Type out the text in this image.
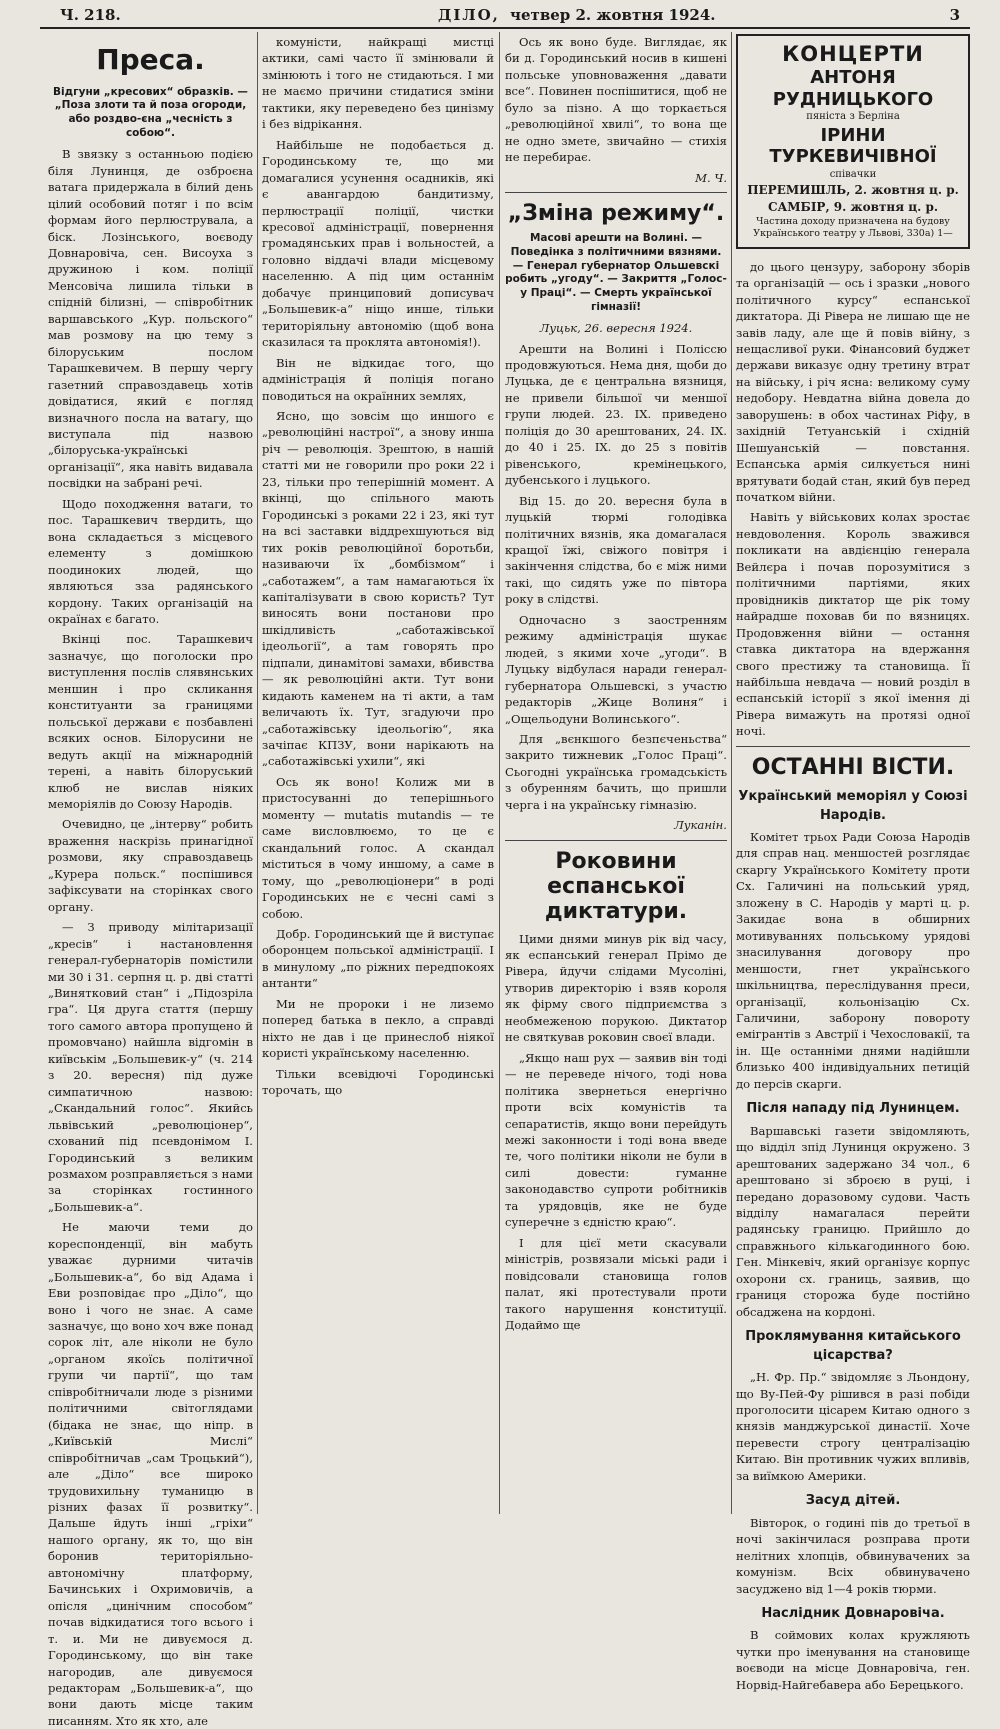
Ч. 218.	ДІЛО, четвер 2. жовтня 1924.	3
Преса.
Відгуни „кресових“ образків. — „Поза злоти та й поза огороди, або роздво-єна „чесність з собою“.

В звязку з останньою подією біля Лунинця, де озброєна ватага придержала в білий день цілий особовий потяг і по всім формам його перлюструвала, а біск. Лозінського, воєводу Довнаровіча, сен. Висоуха з дружиною і ком. поліції Менсовіча лишила тільки в спідній білизні, — співробітник варшавського „Кур. польского“ мав розмову на цю тему з білоруським послом Тарашкевичем. В першу чергу газетний справоздавець хотів довідатися, який є погляд визначного посла на ватагу, що виступала під назвою „білоруська-українські організації“, яка навіть видавала посвідки на забрані речі.

Щодо походження ватаги, то пос. Тарашкевич твердить, що вона складається з місцевого елементу з домішкою поодиноких людей, що являються зза радянського кордону. Таких організацій на окраїнах є багато.

Вкінці пос. Тарашкевич зазначує, що поголоски про виступлення послів слявянських меншин і про скликання конституанти за границями польської держави є позбавлені всяких основ. Білорусини не ведуть акції на міжнародній терені, а навіть білоруський клюб не вислав ніяких меморіялів до Союзу Народів.

Очевидно, це „інтерву“ робить враження наскрізь принагідної розмови, яку справоздавець „Курера польск.“ поспішився зафіксувати на сторінках свого органу.

— З приводу мілітаризації „кресів“ і настановлення генерал-губернаторів помістили ми 30 і 31. серпня ц. р. дві статті „Винятковий стан“ і „Підозріла гра“. Ця друга стаття (першу того самого автора пропущено й промовчано) найшла відгомін в київськім „Большевик-у“ (ч. 214 з 20. вересня) під дуже симпатичною назвою: „Скандальний голос“. Якийсь львівський „революціонер“, схований під псевдонімом І. Городинський з великим розмахом розправляється з нами за сторінках гостинного „Большевик-а“.

Не маючи теми до кореспонденції, він мабуть уважає дурними читачів „Большевик-а“, бо від Адама і Еви розповідає про „Діло“, що воно і чого не знає. А саме зазначує, що воно хоч вже понад сорок літ, але ніколи не було „органом якоїсь політичної групи чи партії“, що там співробітничали люде з різними політичними світоглядами (бідака не знає, що ніпр. в „Київській Мислі“ співробітничав „сам Троцький“), але „Діло“ все широко трудовихильну туманицю в різних фазах її розвитку“. Дальше йдуть інші „гріхи“ нашого органу, як то, що він боронив територіяльно-автономічну платформу, Бачинських і Охримовичів, а опісля „цинічним способом“ почав відкидатися того всього і т. и. Ми не дивуємося д. Городинському, що він таке нагородив, але дивуємося редакторам „Большевик-а“, що вони дають місце таким писанням. Хто як хто, але

комуністи, найкращі мистці актики, самі часто її змінювали й змінюють і того не стидаються. І ми не маємо причини стидатися зміни тактики, яку переведено без цинізму і без відрікання.

Найбільше не подобається д. Городинському те, що ми домагалися усунення осадників, які є авангардою бандитизму, перлюстрації поліції, чистки кресової адміністрації, повернення громадянських прав і вольностей, а головно віддачі влади місцевому населенню. А під цим останнім добачує принциповий дописувач „Большевик-а“ ніщо инше, тільки територіяльну автономію (щоб вона сказилася та проклята автономія!).

Він не відкидає того, що адміністрація й поліція погано поводиться на окраїнних землях,

Ясно, що зовсім що иншого є „революційні настрої“, а знову инша річ — революція. Зрештою, в нашій статті ми не говорили про роки 22 і 23, тільки про теперішній момент. А вкінці, що спільного мають Городинські з роками 22 і 23, які тут на всі заставки віддрехшуються від тих років революційної боротьби, називаючи їх „бомбізмом“ і „саботажем“, а там намагаються їх капіталізувати в свою користь? Тут виносять вони постанови про шкідливість „саботажівської ідеольогії“, а там говорять про підпали, динамітові замахи, вбивства — як революційні акти. Тут вони кидають каменем на ті акти, а там величають їх. Тут, згадуючи про „саботажівську ідеольогію“, яка зачіпає КПЗУ, вони нарікають на „саботажівські ухили“, які

Ось як воно! Колиж ми в пристосуванні до теперішнього моменту — mutatis mutandis — те саме висловлюємо, то це є скандальний голос. А скандал міститься в чому иншому, а саме в тому, що „революціонери“ в роді Городинських не є чесні самі з собою.

Добр. Городинський ще й виступає оборонцем польської адміністрації. І в минулому „по ріжних передпокоях антанти“

Ми не пророки і не лиземо поперед батька в пекло, а справді ніхто не дав і це принеслоб ніякої користі українському населенню.

Тільки всевідючі Городинські торочать, що

Ось як воно буде. Виглядає, як би д. Городинський носив в кишені польське уповноваження „давати все“. Повинен поспішитися, щоб не було за пізно. А що торкається „революційної хвилі“, то вона ще не одно змете, звичайно — стихія не перебирає.

М. Ч.
„Зміна режиму“.
Масові арешти на Волині. — Поведінка з політичними вязнями. — Генерал губернатор Ольшевскі робить „угоду“. — Закриття „Голос-у Праці“. — Смерть української гімназії!
Луцьк, 26. вересня 1924.

Арешти на Волині і Поліссю продовжуються. Нема дня, щоби до Луцька, де є центральна вязниця, не привели більшої чи меншої групи людей. 23. IX. приведено поліція до 30 арештованих, 24. IX. до 40 і 25. IX. до 25 з повітів рівенського, кремінецького, дубенського і луцького.

Від 15. до 20. вересня була в луцькій тюрмі голодівка політичних вязнів, яка домагалася кращої їжі, свіжого повітря і закінчення слідства, бо є між ними такі, що сидять уже по півтора року в слідстві.

Одночасно з заостренням режиму адміністрація шукає людей, з якими хоче „угоди“. В Луцьку відбулася наради генерал-губернатора Ольшевскі, з участю редакторів „Жице Волиня“ і „Ощельодуни Волинського“.

Для „вєнкшого безпєченьства“ закрито тижневик „Голос Праці“. Сьогодні українська громадськість з обуренням бачить, що пришли черга і на українську гімназію.

Луканін.
Роковини еспанської диктатури.

Цими днями минув рік від часу, як еспанський генерал Прімо де Рівера, йдучи слідами Мусоліні, утворив директорію і взяв короля як фірму свого підприємства з необмеженою порукою. Диктатор не святкував роковин своєї влади.

„Якщо наш рух — заявив він тоді — не переведе нічого, тоді нова політика звернеться енергічно проти всіх комуністів та сепаратистів, якщо вони перейдуть межі законности і тоді вона введе те, чого політики ніколи не були в силі довести: гуманне законодавство супроти робітників та урядовців, яке не буде суперечне з єдністю краю“.

І для цієї мети скасували міністрів, розвязали міські ради і повідсовали становища голов палат, які протестували проти такого нарушення конституції. Додаймо ще

КОНЦЕРТИ
АНТОНЯ РУДНИЦЬКОГО
пяніста з Берліна
ІРИНИ ТУРКЕВИЧІВНОЇ
співачки
ПЕРЕМИШЛЬ, 2. жовтня ц. р.
САМБІР, 9. жовтня ц. р.
Частина доходу призначена на будову Українського театру у Львові, 330а) 1—

до цього цензуру, заборону зборів та організацій — ось і зразки „нового політичного курсу“ еспанської диктатора. Ді Рівера не лишаю ще не завів ладу, але ще й повів війну, з нещасливої руки. Фінансовий буджет держави виказує одну третину втрат на війську, і річ ясна: великому суму недобору. Невдатна війна довела до заворушень: в обох частинах Ріфу, в західній Тетуанській і східній Шешуанській — повстання. Еспанська армія силкується нині врятувати бодай стан, який був перед початком війни.

Навіть у військових колах зростає невдоволення. Король зважився покликати на авдієнцію генерала Вейлєра і почав порозумітися з політичними партіями, яких провідників диктатор ще рік тому найрадше поховав би по вязницях. Продовження війни — остання ставка диктатора на вдержання свого престижу та становища. Її найбільша невдача — новий розділ в еспанській історії з якої імення ді Рівера вимажуть на протязі одної ночі.

ОСТАННІ ВІСТИ.
Український меморіял у Союзі Народів.

Комітет трьох Ради Союза Народів для справ нац. меншостей розглядає скаргу Українського Комітету проти Сх. Галичині на польський уряд, зложену в С. Народів у марті ц. р. Закидає вона в обширних мотивуваннях польському урядові знасилування договору про меншости, гнет українського шкільництва, переслідування преси, організації, кольонізацію Сх. Галичини, заборону повороту емігрантів з Австрії і Чехословакії, та ін. Ще останніми днями надійшли близько 400 індивідуальних петицій до персів скарги.

Після нападу під Лунинцем.

Варшавські газети звідомляють, що відділ зпід Лунинця окружено. З арештованих задержано 34 чол., 6 арештовано зі зброєю в руці, і передано доразовому судови. Часть відділу намагалася перейти радянську границю. Прийшло до справжнього кількагодинного бою. Ген. Мінкевіч, який організує корпус охорони сх. границь, заявив, що границя сторожа буде постійно обсаджена на кордоні.

Проклямування китайського цісарства?

„Н. Фр. Пр.“ звідомляє з Льондону, що Ву-Пей-Фу рішився в разі побіди проголосити цісарем Китаю одного з князів манджурської династії. Хоче перевести строгу централізацію Китаю. Він противник чужих впливів, за виїмкою Америки.

Засуд дітей.

Вівторок, о годині пів до третьої в ночі закінчилася розправа проти нелітних хлопців, обвинувачених за комунізм. Всіх обвинувачено засуджено від 1—4 років тюрми.

Наслідник Довнаровіча.

В соймових колах кружляють чутки про іменування на становище воєводи на місце Довнаровіча, ген. Норвід-Найгебавера або Берецького.
